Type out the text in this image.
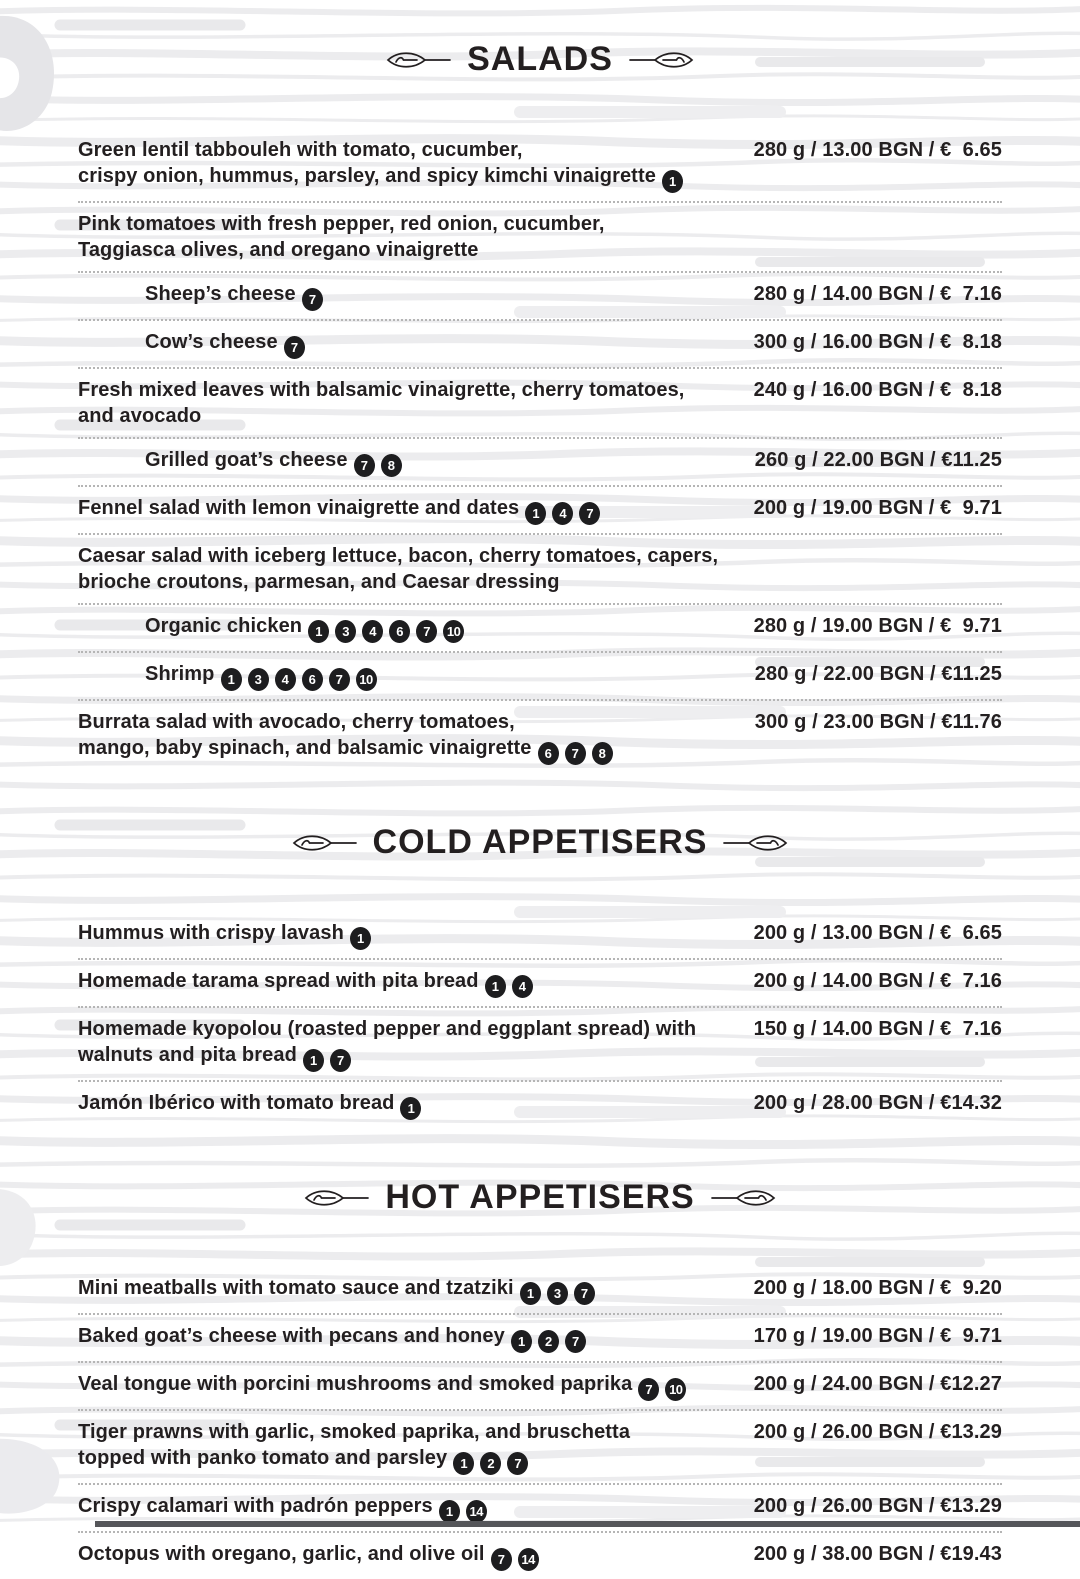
SALADS
Green lentil tabbouleh with tomato, cucumber,
crispy onion, hummus, parsley, and spicy kimchi vinaigrette 1
280 g / 13.00 BGN / €  6.65
Pink tomatoes with fresh pepper, red onion, cucumber,
Taggiasca olives, and oregano vinaigrette
Sheep’s cheese 7	280 g / 14.00 BGN / €  7.16
Cow’s cheese 7	300 g / 16.00 BGN / €  8.18
Fresh mixed leaves with balsamic vinaigrette, cherry tomatoes,
and avocado
240 g / 16.00 BGN / €  8.18
Grilled goat’s cheese 7 8	260 g / 22.00 BGN / €11.25
Fennel salad with lemon vinaigrette and dates 1 4 7	200 g / 19.00 BGN / €  9.71
Caesar salad with iceberg lettuce, bacon, cherry tomatoes, capers,
brioche croutons, parmesan, and Caesar dressing
Organic chicken 1 3 4 6 7 10	280 g / 19.00 BGN / €  9.71
Shrimp 1 3 4 6 7 10	280 g / 22.00 BGN / €11.25
Burrata salad with avocado, cherry tomatoes,
mango, baby spinach, and balsamic vinaigrette 6 7 8
300 g / 23.00 BGN / €11.76
COLD APPETISERS
Hummus with crispy lavash 1	200 g / 13.00 BGN / €  6.65
Homemade tarama spread with pita bread 1 4	200 g / 14.00 BGN / €  7.16
Homemade kyopolou (roasted pepper and eggplant spread) with
walnuts and pita bread 1 7
150 g / 14.00 BGN / €  7.16
Jamón Ibérico with tomato bread 1	200 g / 28.00 BGN / €14.32
HOT APPETISERS
Mini meatballs with tomato sauce and tzatziki 1 3 7	200 g / 18.00 BGN / €  9.20
Baked goat’s cheese with pecans and honey 1 2 7	170 g / 19.00 BGN / €  9.71
Veal tongue with porcini mushrooms and smoked paprika 7 10	200 g / 24.00 BGN / €12.27
Tiger prawns with garlic, smoked paprika, and bruschetta
topped with panko tomato and parsley 1 2 7
200 g / 26.00 BGN / €13.29
Crispy calamari with padrón peppers 1 14	200 g / 26.00 BGN / €13.29
Octopus with oregano, garlic, and olive oil 7 14	200 g / 38.00 BGN / €19.43
